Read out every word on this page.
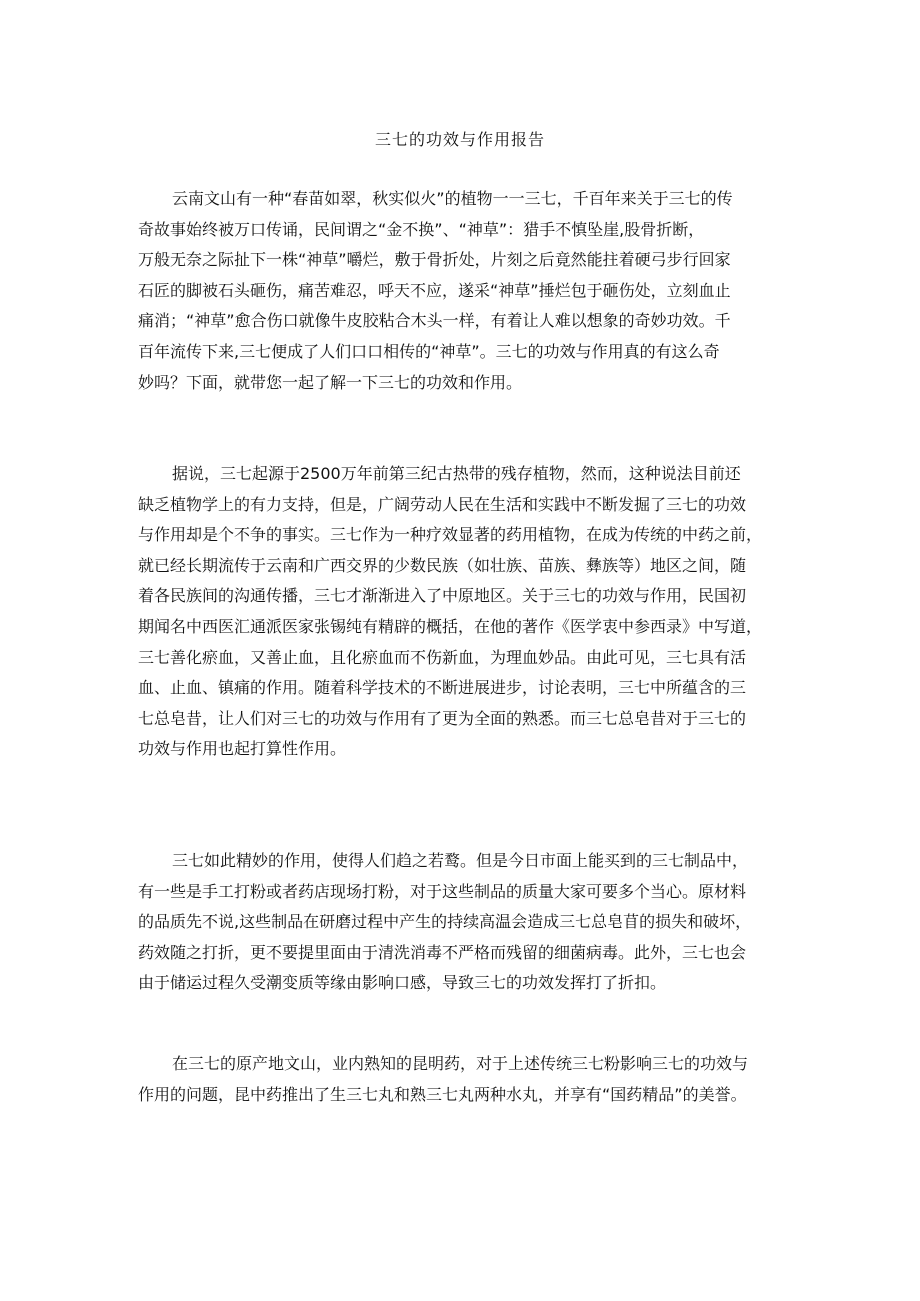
三七的功效与作用报告
云南文山有一种“春苗如翠，秋实似火”的植物一一三七，千百年来关于三七的传
奇故事始终被万口传诵，民间谓之“金不换”、“神草”：猎手不慎坠崖,股骨折断，
万般无奈之际扯下一株“神草”嚼烂，敷于骨折处，片刻之后竟然能拄着硬弓步行回家
石匠的脚被石头砸伤，痛苦难忍，呼天不应，遂采“神草”捶烂包于砸伤处，立刻血止
痛消；“神草”愈合伤口就像牛皮胶粘合木头一样，有着让人难以想象的奇妙功效。千
百年流传下来,三七便成了人们口口相传的“神草”。三七的功效与作用真的有这么奇
妙吗？下面，就带您一起了解一下三七的功效和作用。
据说，三七起源于2500万年前第三纪古热带的残存植物，然而，这种说法目前还
缺乏植物学上的有力支持，但是，广阔劳动人民在生活和实践中不断发掘了三七的功效
与作用却是个不争的事实。三七作为一种疗效显著的药用植物，在成为传统的中药之前，
就已经长期流传于云南和广西交界的少数民族（如壮族、苗族、彝族等）地区之间，随
着各民族间的沟通传播，三七才渐渐进入了中原地区。关于三七的功效与作用，民国初
期闻名中西医汇通派医家张锡纯有精辟的概括，在他的著作《医学衷中参西录》中写道，
三七善化瘀血，又善止血，且化瘀血而不伤新血，为理血妙品。由此可见，三七具有活
血、止血、镇痛的作用。随着科学技术的不断进展进步，讨论表明，三七中所蕴含的三
七总皂昔，让人们对三七的功效与作用有了更为全面的熟悉。而三七总皂昔对于三七的
功效与作用也起打算性作用。
三七如此精妙的作用，使得人们趋之若鹜。但是今日市面上能买到的三七制品中，
有一些是手工打粉或者药店现场打粉，对于这些制品的质量大家可要多个当心。原材料
的品质先不说,这些制品在研磨过程中产生的持续高温会造成三七总皂苜的损失和破坏，
药效随之打折，更不要提里面由于清洗消毒不严格而残留的细菌病毒。此外，三七也会
由于储运过程久受潮变质等缘由影响口感，导致三七的功效发挥打了折扣。
在三七的原产地文山，业内熟知的昆明药，对于上述传统三七粉影响三七的功效与
作用的问题，昆中药推出了生三七丸和熟三七丸两种水丸，并享有“国药精品”的美誉。
